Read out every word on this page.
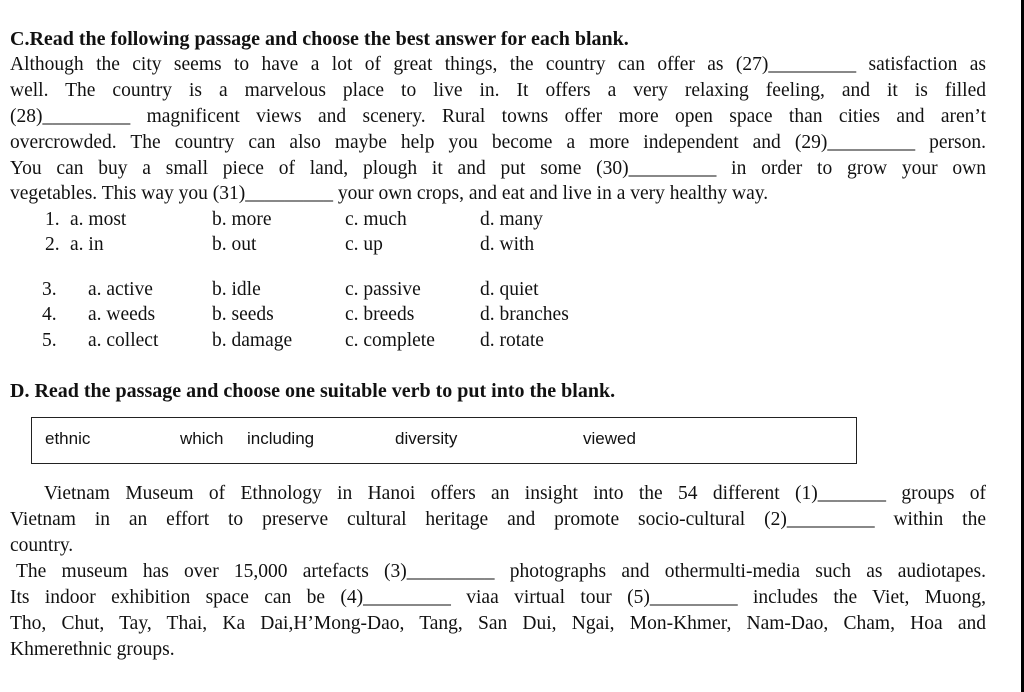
C.Read the following passage and choose the best answer for each blank.
Although the city seems to have a lot of great things, the country can offer as (27)_________ satisfaction as
well. The country is a marvelous place to live in. It offers a very relaxing feeling, and it is filled
(28)_________ magnificent views and scenery. Rural towns offer more open space than cities and aren’t
overcrowded. The country can also maybe help you become a more independent and (29)_________ person.
You can buy a small piece of land, plough it and put some (30)_________ in order to grow your own
vegetables. This way you (31)_________ your own crops, and eat and live in a very healthy way.
1. a. most	b. more	c. much	d. many
2. a. in	b. out	c. up	d. with
3. a. active	b. idle	c. passive	d. quiet
4. a. weeds	b. seeds	c. breeds	d. branches
5. a. collect	b. damage	c. complete d. rotate
D. Read the passage and choose one suitable verb to put into the blank.
ethnic	which including	diversity	viewed
Vietnam Museum of Ethnology in Hanoi offers an insight into the 54 different (1)_______ groups of
Vietnam in an effort to preserve cultural heritage and promote socio-cultural (2)_________ within the
country.
The museum has over 15,000 artefacts (3)_________ photographs and othermulti-media such as audiotapes.
Its indoor exhibition space can be (4)_________ viaa virtual tour (5)_________ includes the Viet, Muong,
Tho, Chut, Tay, Thai, Ka Dai,H’Mong-Dao, Tang, San Dui, Ngai, Mon-Khmer, Nam-Dao, Cham, Hoa and
Khmerethnic groups.
